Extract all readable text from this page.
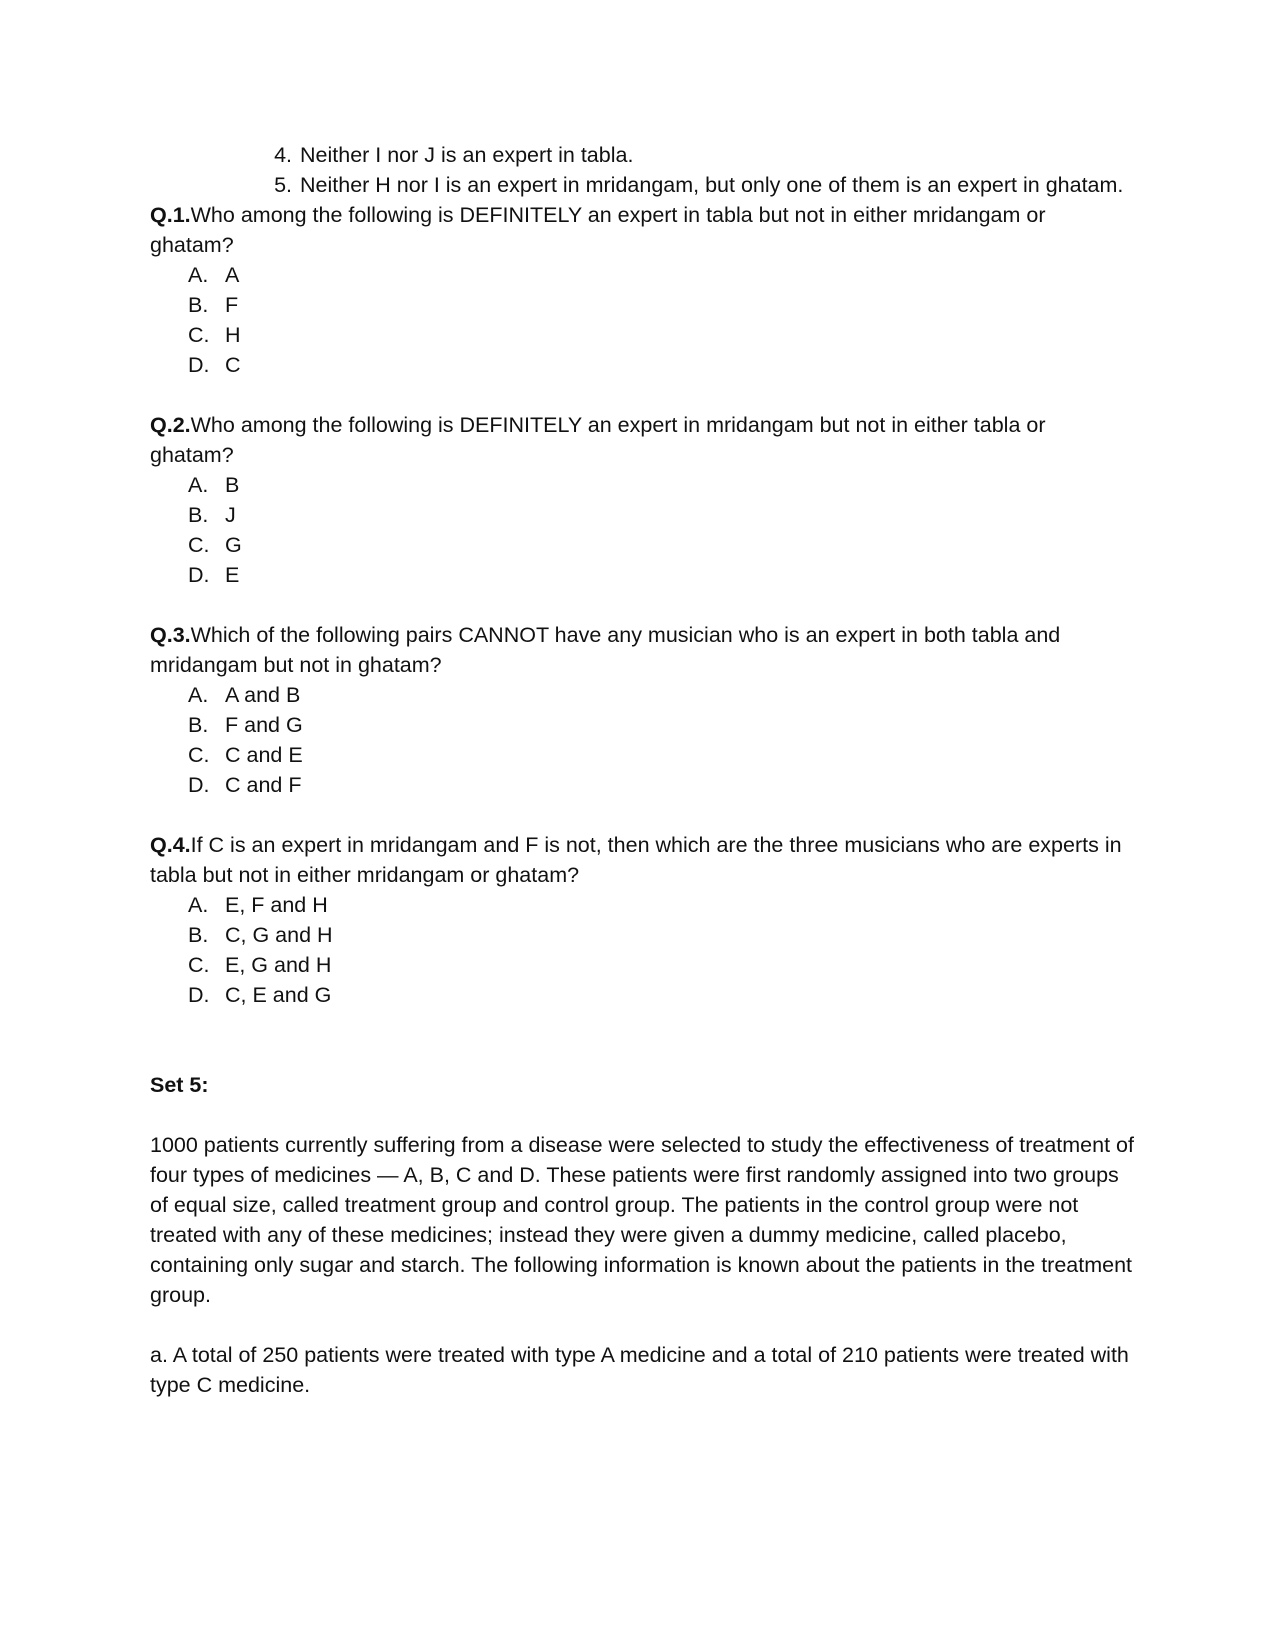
4. Neither I nor J is an expert in tabla.
5. Neither H nor I is an expert in mridangam, but only one of them is an expert in ghatam.

Q.1.Who among the following is DEFINITELY an expert in tabla but not in either mridangam or ghatam?

A. A
B. F
C. H
D. C

Q.2.Who among the following is DEFINITELY an expert in mridangam but not in either tabla or ghatam?

A. B
B. J
C. G
D. E

Q.3.Which of the following pairs CANNOT have any musician who is an expert in both tabla and mridangam but not in ghatam?

A. A and B
B. F and G
C. C and E
D. C and F

Q.4.If C is an expert in mridangam and F is not, then which are the three musicians who are experts in tabla but not in either mridangam or ghatam?

A. E, F and H
B. C, G and H
C. E, G and H
D. C, E and G

Set 5:

1000 patients currently suffering from a disease were selected to study the effectiveness of treatment of four types of medicines — A, B, C and D. These patients were first randomly assigned into two groups of equal size, called treatment group and control group. The patients in the control group were not treated with any of these medicines; instead they were given a dummy medicine, called placebo, containing only sugar and starch. The following information is known about the patients in the treatment group.

a. A total of 250 patients were treated with type A medicine and a total of 210 patients were treated with type C medicine.
